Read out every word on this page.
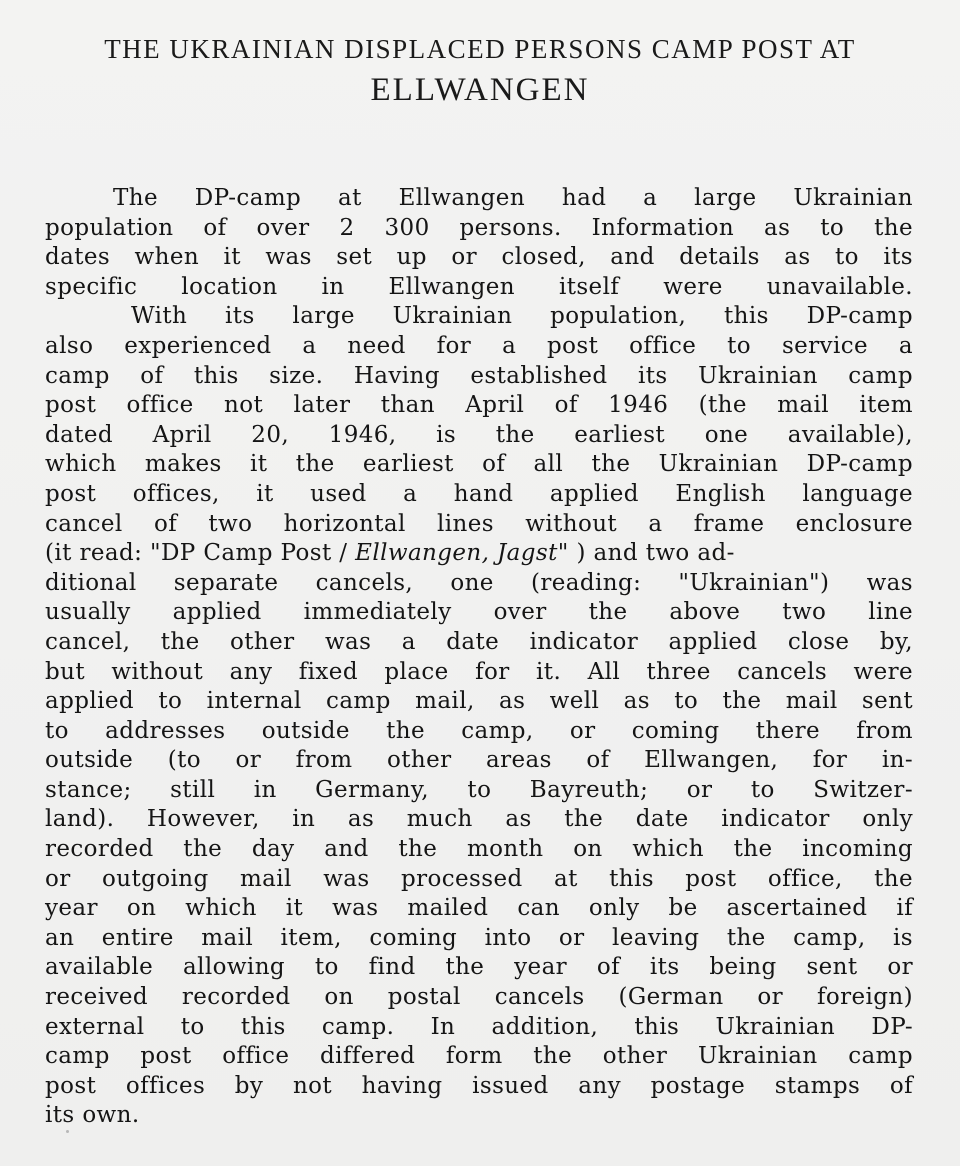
THE UKRAINIAN DISPLACED PERSONS CAMP POST AT
ELLWANGEN
The DP-camp at Ellwangen had a large Ukrainian
population of over 2 300 persons. Information as to the
dates when it was set up or closed, and details as to its
specific location in Ellwangen itself were unavailable.
With its large Ukrainian population, this DP-camp
also experienced a need for a post office to service a
camp of this size. Having established its Ukrainian camp
post office not later than April of 1946 (the mail item
dated April 20, 1946, is the earliest one available),
which makes it the earliest of all the Ukrainian DP-camp
post offices, it used a hand applied English language
cancel of two horizontal lines without a frame enclosure
(it read: "DP Camp Post / Ellwangen, Jagst" ) and two ad-
ditional separate cancels, one (reading: "Ukrainian") was
usually applied immediately over the above two line
cancel, the other was a date indicator applied close by,
but without any fixed place for it. All three cancels were
applied to internal camp mail, as well as to the mail sent
to addresses outside the camp, or coming there from
outside (to or from other areas of Ellwangen, for in-
stance; still in Germany, to Bayreuth; or to Switzer-
land). However, in as much as the date indicator only
recorded the day and the month on which the incoming
or outgoing mail was processed at this post office, the
year on which it was mailed can only be ascertained if
an entire mail item, coming into or leaving the camp, is
available allowing to find the year of its being sent or
received recorded on postal cancels (German or foreign)
external to this camp. In addition, this Ukrainian DP-
camp post office differed form the other Ukrainian camp
post offices by not having issued any postage stamps of
its own.
